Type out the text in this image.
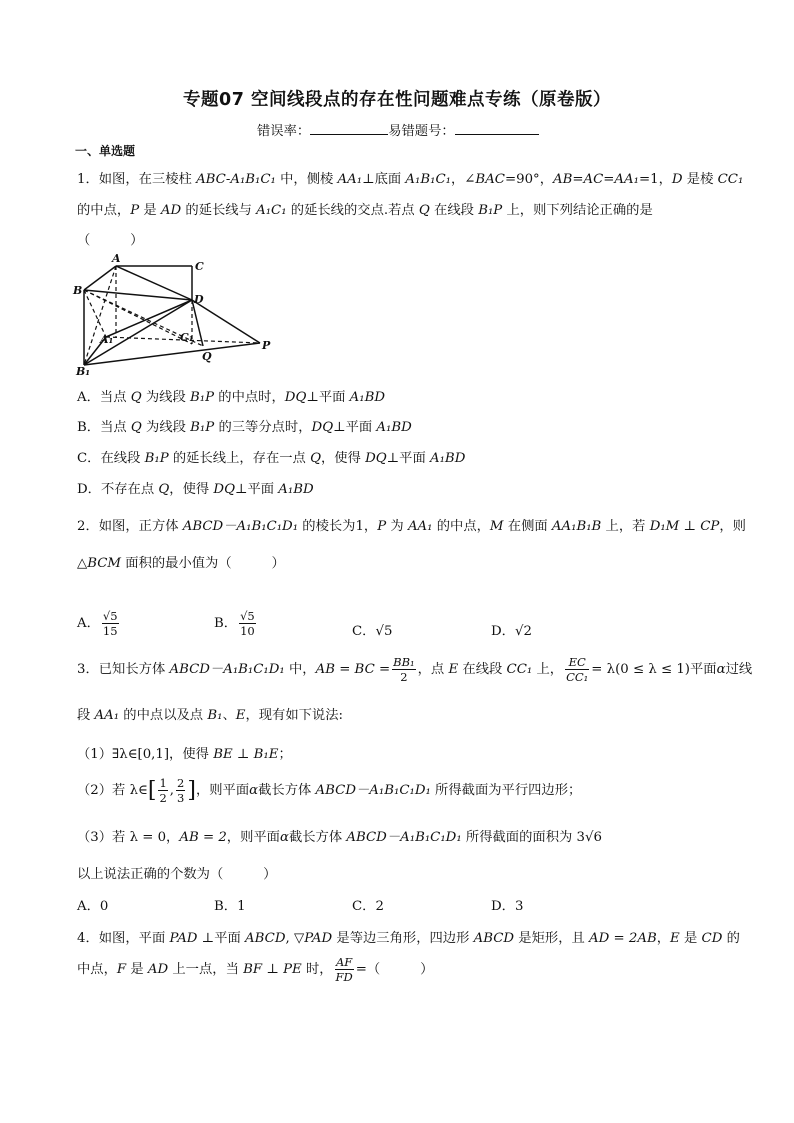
专题07 空间线段点的存在性问题难点专练（原卷版）
错误率：	易错题号：
一、单选题
1．如图，在三棱柱 ABC-A₁B₁C₁ 中，侧棱 AA₁⊥底面 A₁B₁C₁，∠BAC=90°，AB=AC=AA₁=1，D 是棱 CC₁
的中点，P 是 AD 的延长线与 A₁C₁ 的延长线的交点.若点 Q 在线段 B₁P 上，则下列结论正确的是
（　　　）
A
C
B
D
C₁
A₁
B₁
Q
P
A．当点 Q 为线段 B₁P 的中点时，DQ⊥平面 A₁BD
B．当点 Q 为线段 B₁P 的三等分点时，DQ⊥平面 A₁BD
C．在线段 B₁P 的延长线上，存在一点 Q，使得 DQ⊥平面 A₁BD
D．不存在点 Q，使得 DQ⊥平面 A₁BD
2．如图，正方体 ABCD－A₁B₁C₁D₁ 的棱长为1，P 为 AA₁ 的中点，M 在侧面 AA₁B₁B 上，若 D₁M ⊥ CP，则
△BCM 面积的最小值为（　　　）
A． $\frac{√5}{15}$	B． $\frac{√5}{10}$	C．√5	D．√2
3．已知长方体 ABCD－A₁B₁C₁D₁ 中，AB = BC = $\frac{\text{BB₁}}{2}$ ，点 E 在线段 CC₁ 上， $\frac{EC}{\text{CC₁}} = \lambda(0 \le \lambda \le 1)$平面α过线
段 AA₁ 的中点以及点 B₁、E，现有如下说法:
（1）∃λ∈[0,1]，使得 BE ⊥ B₁E；
（2）若 λ∈[ $\frac{1}{2}$ , $\frac{2}{3}$ ]，则平面α截长方体 ABCD－A₁B₁C₁D₁ 所得截面为平行四边形；
（3）若 λ = 0，AB = 2，则平面α截长方体 ABCD－A₁B₁C₁D₁ 所得截面的面积为 3√6
以上说法正确的个数为（　　　）
A．0	B．1	C．2	D．3
4．如图，平面 PAD ⊥平面 ABCD, ▽PAD 是等边三角形，四边形 ABCD 是矩形，且 AD = 2AB，E 是 CD 的
中点，F 是 AD 上一点，当 BF ⊥ PE 时， $\frac{AF}{FD}$ =（　　　）
